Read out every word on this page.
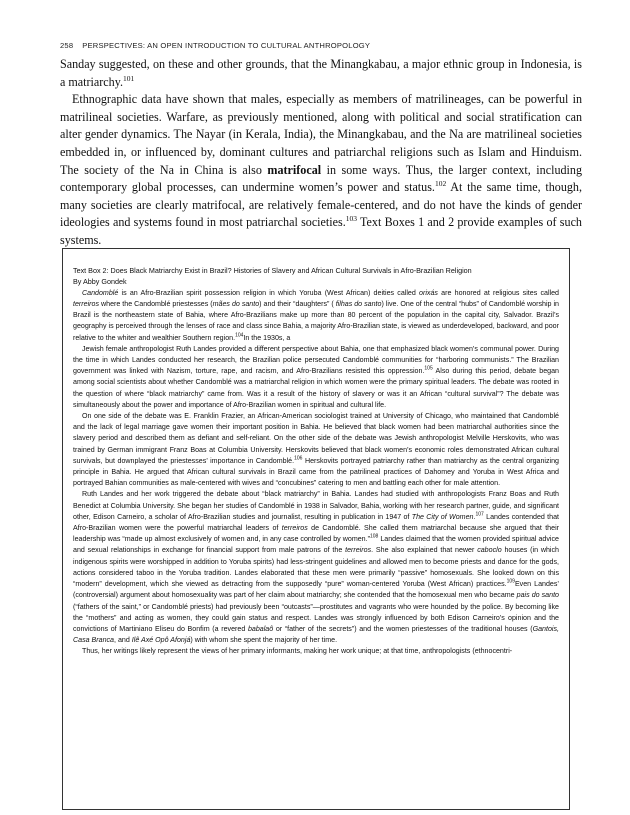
258 PERSPECTIVES: AN OPEN INTRODUCTION TO CULTURAL ANTHROPOLOGY

Sanday suggested, on these and other grounds, that the Minangkabau, a major ethnic group in Indonesia, is a matriarchy.$^{101}$

Ethnographic data have shown that males, especially as members of matrilineages, can be powerful in matrilineal societies. Warfare, as previously mentioned, along with political and social stratification can alter gender dynamics. The Nayar (in Kerala, India), the Minangkabau, and the Na are matrilineal societies embedded in, or influenced by, dominant cultures and patriarchal religions such as Islam and Hinduism. The society of the Na in China is also matrifocal in some ways. Thus, the larger context, including contemporary global processes, can undermine women’s power and status.$^{102}$ At the same time, though, many societies are clearly matrifocal, are relatively female-centered, and do not have the kinds of gender ideologies and systems found in most patriarchal societies.$^{103}$ Text Boxes 1 and 2 provide examples of such systems.

Text Box 2: Does Black Matriarchy Exist in Brazil? Histories of Slavery and African Cultural Survivals in Afro-Brazilian Religion

By Abby Gondek

Candomblé is an Afro-Brazilian spirit possession religion in which Yoruba (West African) deities called orixás are honored at religious sites called terreiros where the Candomblé priestesses (mães do santo) and their “daughters” ( filhas do santo) live. One of the central “hubs” of Candomblé worship in Brazil is the northeastern state of Bahia, where Afro-Brazilians make up more than 80 percent of the population in the capital city, Salvador. Brazil’s geography is perceived through the lenses of race and class since Bahia, a majority Afro-Brazilian state, is viewed as underdeveloped, backward, and poor relative to the whiter and wealthier Southern region.$^{104}$In the 1930s, a

Jewish female anthropologist Ruth Landes provided a different perspective about Bahia, one that emphasized black women’s communal power. During the time in which Landes conducted her research, the Brazilian police persecuted Candomblé communities for “harboring communists.” The Brazilian government was linked with Nazism, torture, rape, and racism, and Afro-Brazilians resisted this oppression.$^{105}$ Also during this period, debate began among social scientists about whether Candomblé was a matriarchal religion in which women were the primary spiritual leaders. The debate was rooted in the question of where “black matriarchy” came from. Was it a result of the history of slavery or was it an African “cultural survival”? The debate was simultaneously about the power and importance of Afro-Brazilian women in spiritual and cultural life.

On one side of the debate was E. Franklin Frazier, an African-American sociologist trained at University of Chicago, who maintained that Candomblé and the lack of legal marriage gave women their important position in Bahia. He believed that black women had been matriarchal authorities since the slavery period and described them as defiant and self-reliant. On the other side of the debate was Jewish anthropologist Melville Herskovits, who was trained by German immigrant Franz Boas at Columbia University. Herskovits believed that black women’s economic roles demonstrated African cultural survivals, but downplayed the priestesses’ importance in Candomblé.$^{106}$ Herskovits portrayed patriarchy rather than matriarchy as the central organizing principle in Bahia. He argued that African cultural survivals in Brazil came from the patrilineal practices of Dahomey and Yoruba in West Africa and portrayed Bahian communities as male-centered with wives and “concubines” catering to men and battling each other for male attention.

Ruth Landes and her work triggered the debate about “black matriarchy” in Bahia. Landes had studied with anthropologists Franz Boas and Ruth Benedict at Columbia University. She began her studies of Candomblé in 1938 in Salvador, Bahia, working with her research partner, guide, and significant other, Edison Carneiro, a scholar of Afro-Brazilian studies and journalist, resulting in publication in 1947 of The City of Women.$^{107}$ Landes contended that Afro-Brazilian women were the powerful matriarchal leaders of terreiros de Candomblé. She called them matriarchal because she argued that their leadership was “made up almost exclusively of women and, in any case controlled by women.”$^{108}$ Landes claimed that the women provided spiritual advice and sexual relationships in exchange for financial support from male patrons of the terreiros. She also explained that newer caboclo houses (in which indigenous spirits were worshipped in addition to Yoruba spirits) had less-stringent guidelines and allowed men to become priests and dance for the gods, actions considered taboo in the Yoruba tradition. Landes elaborated that these men were primarily “passive” homosexuals. She looked down on this “modern” development, which she viewed as detracting from the supposedly “pure” woman-centered Yoruba (West African) practices.$^{109}$Even Landes’ (controversial) argument about homosexuality was part of her claim about matriarchy; she contended that the homosexual men who became pais do santo (“fathers of the saint,” or Candomblé priests) had previously been “outcasts”—prostitutes and vagrants who were hounded by the police. By becoming like the “mothers” and acting as women, they could gain status and respect. Landes was strongly influenced by both Edison Carneiro’s opinion and the convictions of Martiniano Eliseu do Bonfim (a revered babalaô or “father of the secrets”) and the women priestesses of the traditional houses (Gantois, Casa Branca, and Ilê Axé Opô Afonjá) with whom she spent the majority of her time.

Thus, her writings likely represent the views of her primary informants, making her work unique; at that time, anthropologists (ethnocentri-
